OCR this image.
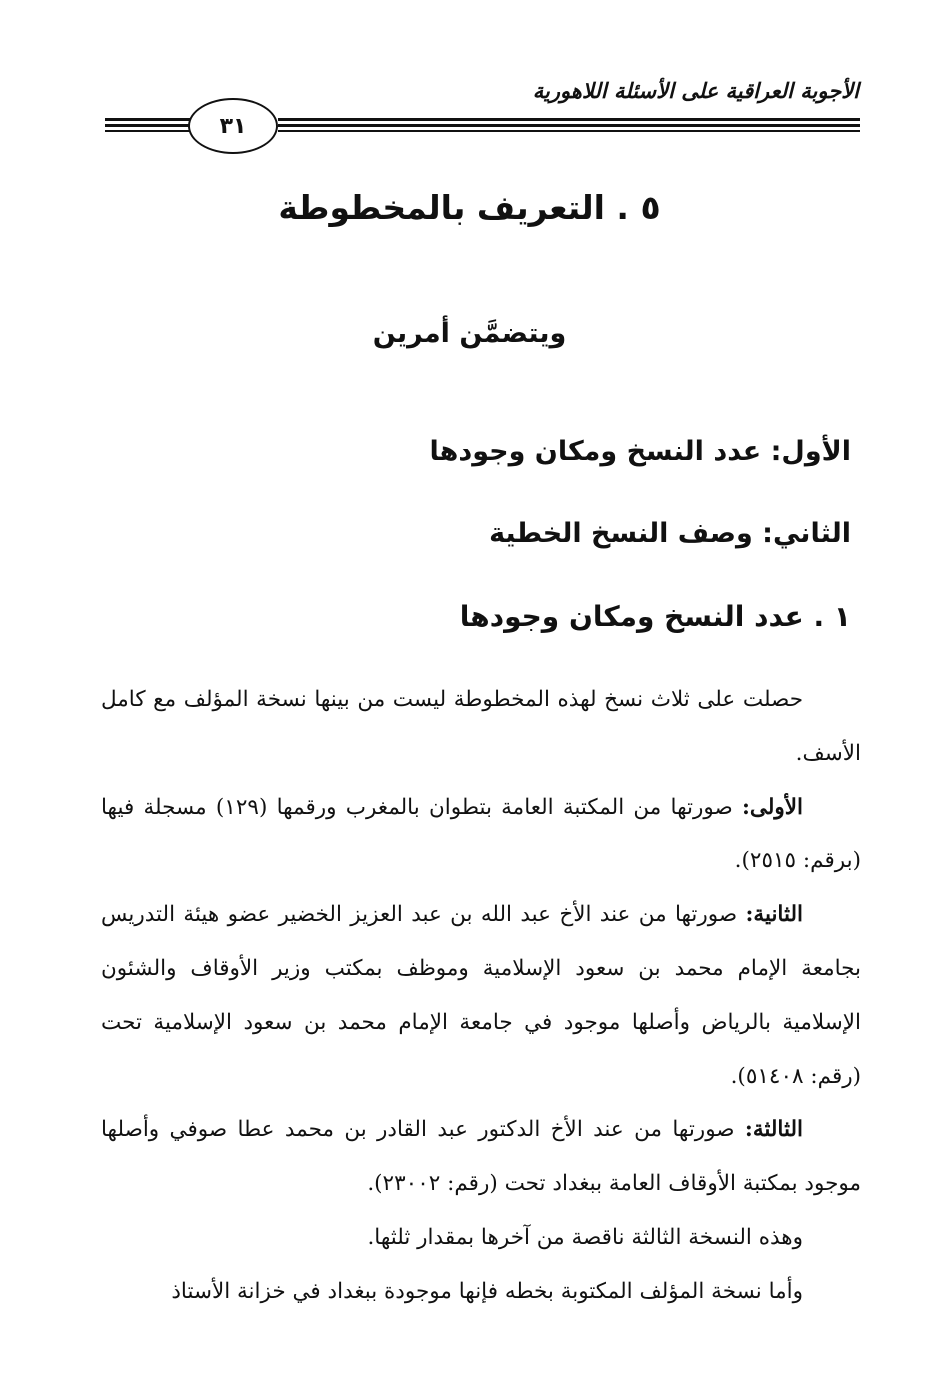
الأجوبة العراقية على الأسئلة اللاهورية
٣١
٥ . التعريف بالمخطوطة
ويتضمَّن أمرين
الأول: عدد النسخ ومكان وجودها
الثاني: وصف النسخ الخطية
١ . عدد النسخ ومكان وجودها

حصلت على ثلاث نسخ لهذه المخطوطة ليست من بينها نسخة المؤلف مع كامل الأسف.

الأولى: صورتها من المكتبة العامة بتطوان بالمغرب ورقمها (١٢٩) مسجلة فيها (برقم: ٢٥١٥).

الثانية: صورتها من عند الأخ عبد الله بن عبد العزيز الخضير عضو هيئة التدريس بجامعة الإمام محمد بن سعود الإسلامية وموظف بمكتب وزير الأوقاف والشئون الإسلامية بالرياض وأصلها موجود في جامعة الإمام محمد بن سعود الإسلامية تحت (رقم: ٥١٤٠٨).

الثالثة: صورتها من عند الأخ الدكتور عبد القادر بن محمد عطا صوفي وأصلها موجود بمكتبة الأوقاف العامة ببغداد تحت (رقم: ٢٣٠٠٢).

وهذه النسخة الثالثة ناقصة من آخرها بمقدار ثلثها.

وأما نسخة المؤلف المكتوبة بخطه فإنها موجودة ببغداد في خزانة الأستاذ
